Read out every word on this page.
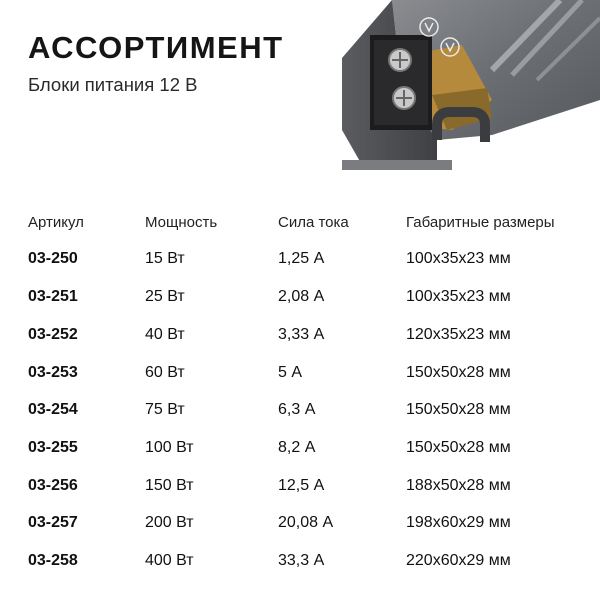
АССОРТИМЕНТ
Блоки питания 12 В
Артикул	Мощность	Сила тока	Габаритные размеры
03-250	15 Вт	1,25 А	100х35х23 мм
03-251	25 Вт	2,08 А	100х35х23 мм
03-252	40 Вт	3,33 А	120х35х23 мм
03-253	60 Вт	5 А	150х50х28 мм
03-254	75 Вт	6,3 А	150х50х28 мм
03-255	100 Вт	8,2 А	150х50х28 мм
03-256	150 Вт	12,5 А	188х50х28 мм
03-257	200 Вт	20,08 А	198х60х29 мм
03-258	400 Вт	33,3 А	220х60х29 мм
